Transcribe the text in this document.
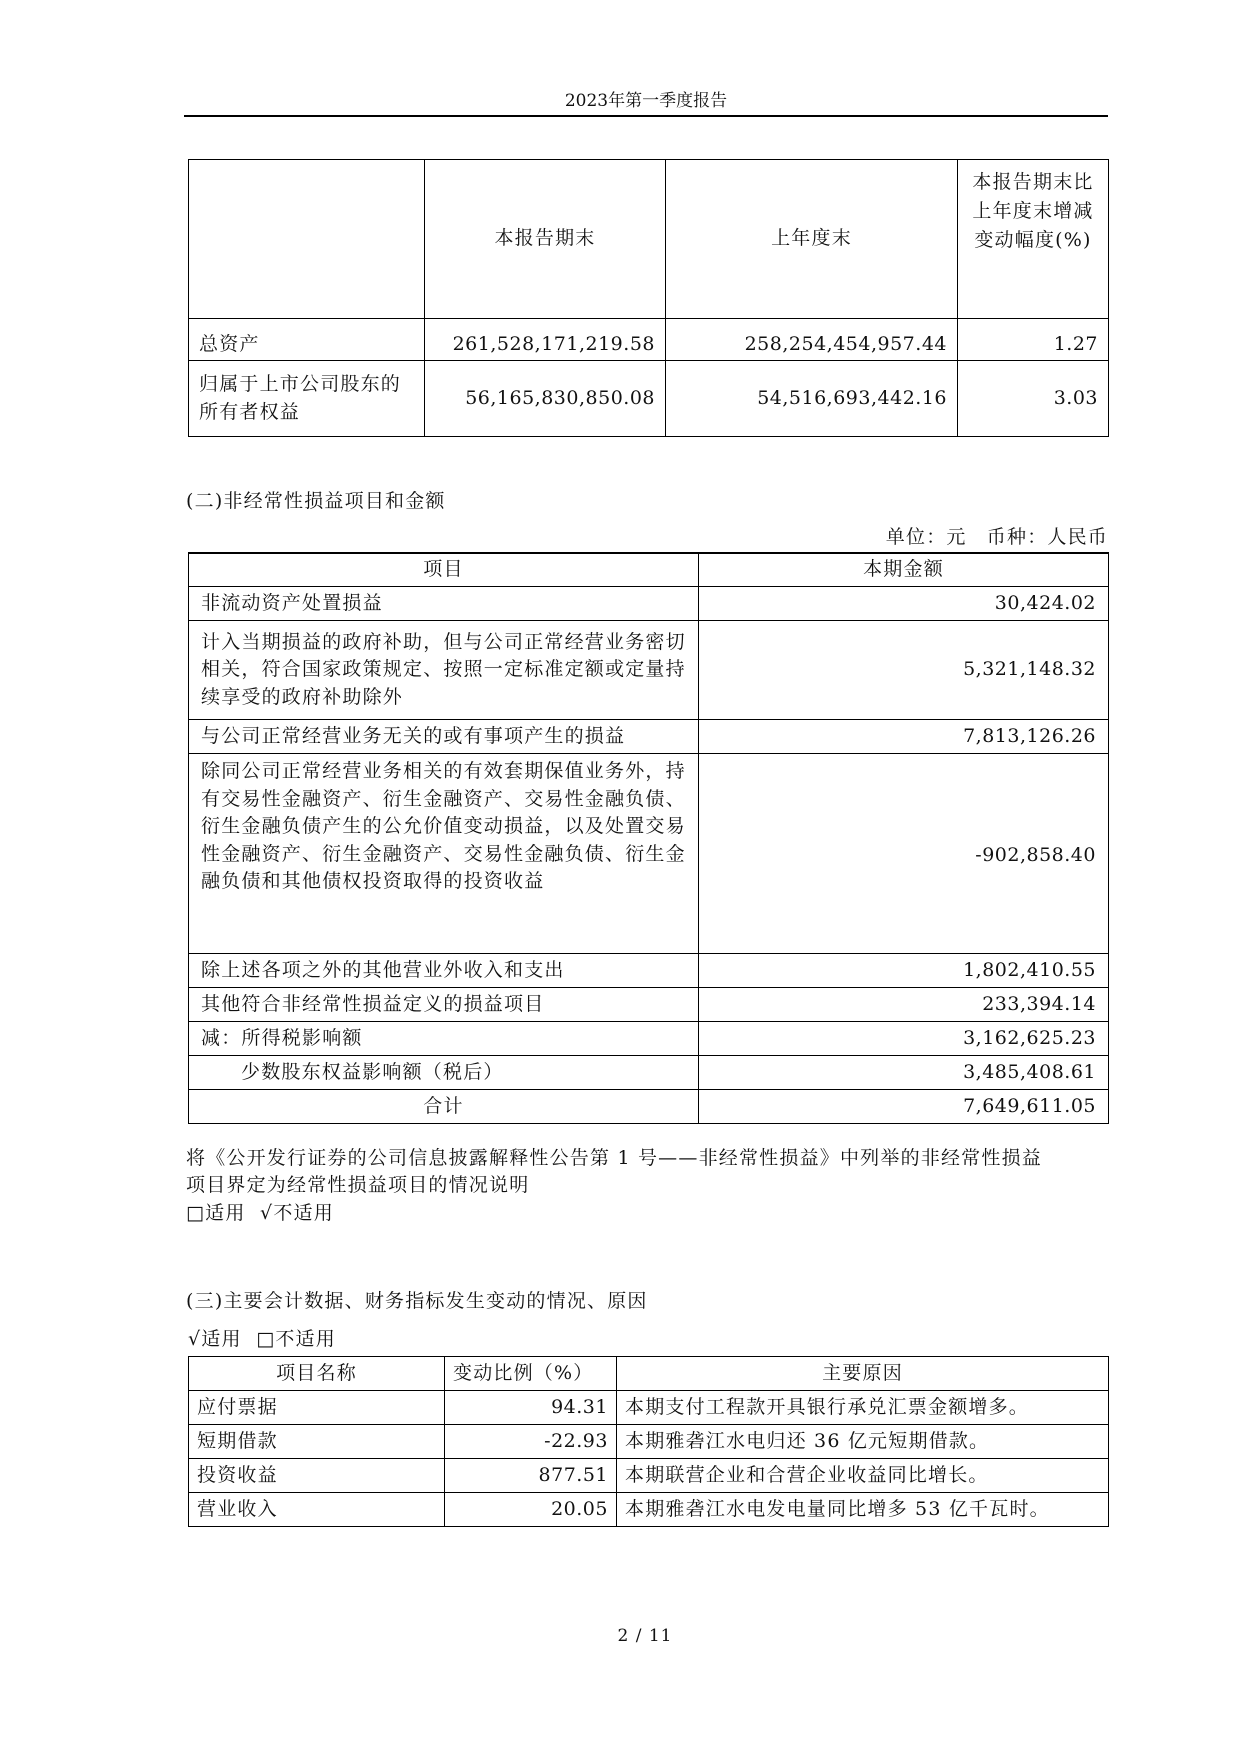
2023年第一季度报告
	本报告期末	上年度末	本报告期末比
上年度末增减
变动幅度(%)

总资产	261,528,171,219.58	258,254,454,957.44	1.27

归属于上市公司股东的
所有者权益	56,165,830,850.08	54,516,693,442.16	3.03
(二)非经常性损益项目和金额
单位：元　币种：人民币
项目	本期金额
非流动资产处置损益	30,424.02
计入当期损益的政府补助，但与公司正常经营业务密切相关，符合国家政策规定、按照一定标准定额或定量持续享受的政府补助除外	5,321,148.32
与公司正常经营业务无关的或有事项产生的损益	7,813,126.26
除同公司正常经营业务相关的有效套期保值业务外，持有交易性金融资产、衍生金融资产、交易性金融负债、衍生金融负债产生的公允价值变动损益，以及处置交易性金融资产、衍生金融资产、交易性金融负债、衍生金融负债和其他债权投资取得的投资收益	-902,858.40
除上述各项之外的其他营业外收入和支出	1,802,410.55
其他符合非经常性损益定义的损益项目	233,394.14
减：所得税影响额	3,162,625.23
少数股东权益影响额（税后）	3,485,408.61
合计	7,649,611.05
将《公开发行证券的公司信息披露解释性公告第 1 号——非经常性损益》中列举的非经常性损益
项目界定为经常性损益项目的情况说明
□适用 √不适用
(三)主要会计数据、财务指标发生变动的情况、原因
√适用 □不适用
项目名称	变动比例（%）	主要原因
应付票据	94.31	本期支付工程款开具银行承兑汇票金额增多。
短期借款	-22.93	本期雅砻江水电归还 36 亿元短期借款。
投资收益	877.51	本期联营企业和合营企业收益同比增长。
营业收入	20.05	本期雅砻江水电发电量同比增多 53 亿千瓦时。
2 / 11
